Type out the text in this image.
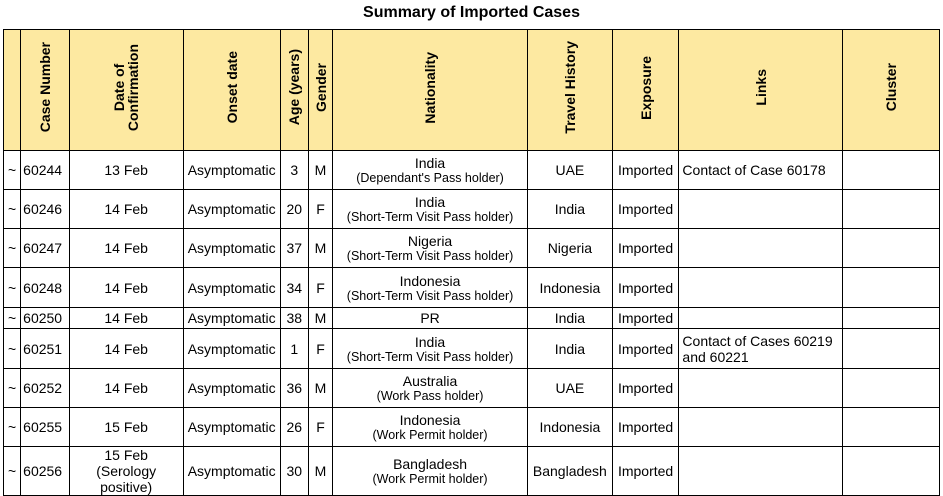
Summary of Imported Cases
	Case Number	Date of
Confirmation	Onset date	Age (years)	Gender	Nationality	Travel History	Exposure	Links	Cluster
~	60244	13 Feb	Asymptomatic	3	M	India
(Dependant's Pass holder)	UAE	Imported	Contact of Case 60178	
~	60246	14 Feb	Asymptomatic	20	F	India
(Short-Term Visit Pass holder)	India	Imported		
~	60247	14 Feb	Asymptomatic	37	M	Nigeria
(Short-Term Visit Pass holder)	Nigeria	Imported		
~	60248	14 Feb	Asymptomatic	34	F	Indonesia
(Short-Term Visit Pass holder)	Indonesia	Imported		
~	60250	14 Feb	Asymptomatic	38	M	PR	India	Imported		
~	60251	14 Feb	Asymptomatic	1	F	India
(Short-Term Visit Pass holder)	India	Imported	Contact of Cases 60219 and 60221	
~	60252	14 Feb	Asymptomatic	36	M	Australia
(Work Pass holder)	UAE	Imported		
~	60255	15 Feb	Asymptomatic	26	F	Indonesia
(Work Permit holder)	Indonesia	Imported		
~	60256	15 Feb
(Serology positive)	Asymptomatic	30	M	Bangladesh
(Work Permit holder)	Bangladesh	Imported		
